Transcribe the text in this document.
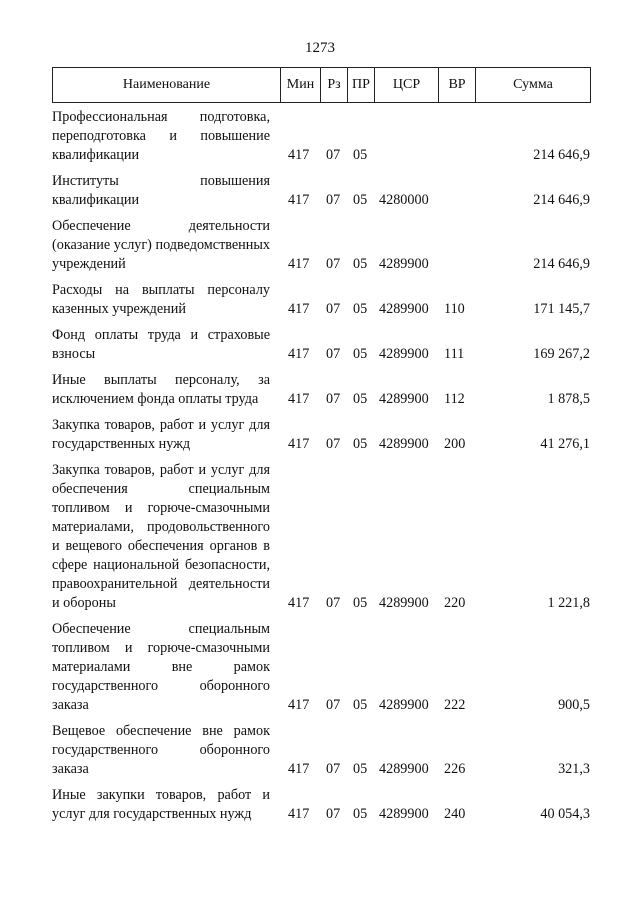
1273
Наименование	Мин	Рз	ПР	ЦСР	ВР	Сумма
Профессиональная подготовка, переподготовка и повышение квалификации	417 07 05	214 646,9
Институты повышения квалификации	417 07 05 4280000	214 646,9
Обеспечение деятельности (оказание услуг) подведомственных учреждений	417 07 05 4289900	214 646,9
Расходы на выплаты персоналу казенных учреждений	417 07 05 4289900 110	171 145,7
Фонд оплаты труда и страховые взносы	417 07 05 4289900 111	169 267,2
Иные выплаты персоналу, за исключением фонда оплаты труда	417 07 05 4289900 112	1 878,5
Закупка товаров, работ и услуг для государственных нужд	417 07 05 4289900 200	41 276,1
Закупка товаров, работ и услуг для обеспечения специальным топливом и горюче-смазочными материалами, продовольственного и вещевого обеспечения органов в сфере национальной безопасности, правоохранительной деятельности и обороны	417 07 05 4289900 220	1 221,8
Обеспечение специальным топливом и горюче-смазочными материалами вне рамок государственного оборонного заказа	417 07 05 4289900 222	900,5
Вещевое обеспечение вне рамок государственного оборонного заказа	417 07 05 4289900 226	321,3
Иные закупки товаров, работ и услуг для государственных нужд	417 07 05 4289900 240	40 054,3
